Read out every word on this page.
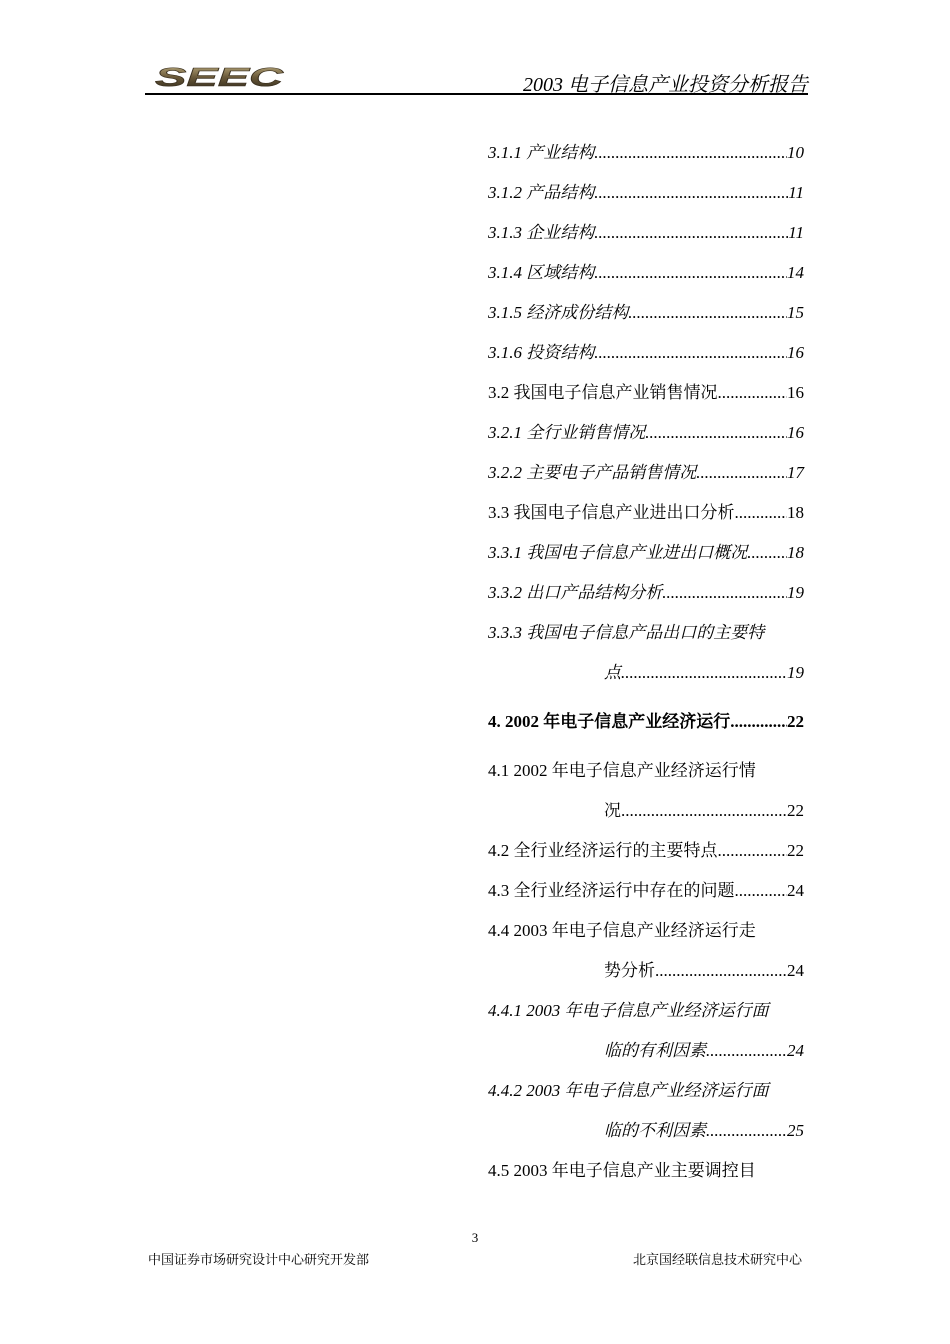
SEEC	2003 电子信息产业投资分析报告
3.1.1 产业结构 .....	10
3.1.2 产品结构 .....	11
3.1.3 企业结构 .....	11
3.1.4 区域结构 .....	14
3.1.5 经济成份结构 .....	15
3.1.6 投资结构 .....	16
3.2 我国电子信息产业销售情况 .....	16
3.2.1 全行业销售情况 .....	16
3.2.2 主要电子产品销售情况 .....	17
3.3 我国电子信息产业进出口分析 .....	18
3.3.1 我国电子信息产业进出口概况 ..... 18
3.3.2 出口产品结构分析 .....	19
3.3.3 我国电子信息产品出口的主要特
点 .....	19
4. 2002 年电子信息产业经济运行 .....	22
4.1 2002 年电子信息产业经济运行情
况 .....	22
4.2 全行业经济运行的主要特点 .....	22
4.3 全行业经济运行中存在的问题 .....	24
4.4 2003 年电子信息产业经济运行走
势分析 .....	24
4.4.1 2003 年电子信息产业经济运行面
临的有利因素 .....	24
4.4.2 2003 年电子信息产业经济运行面
临的不利因素 .....	25
4.5 2003 年电子信息产业主要调控目
3
中国证券市场研究设计中心研究开发部	北京国经联信息技术研究中心
